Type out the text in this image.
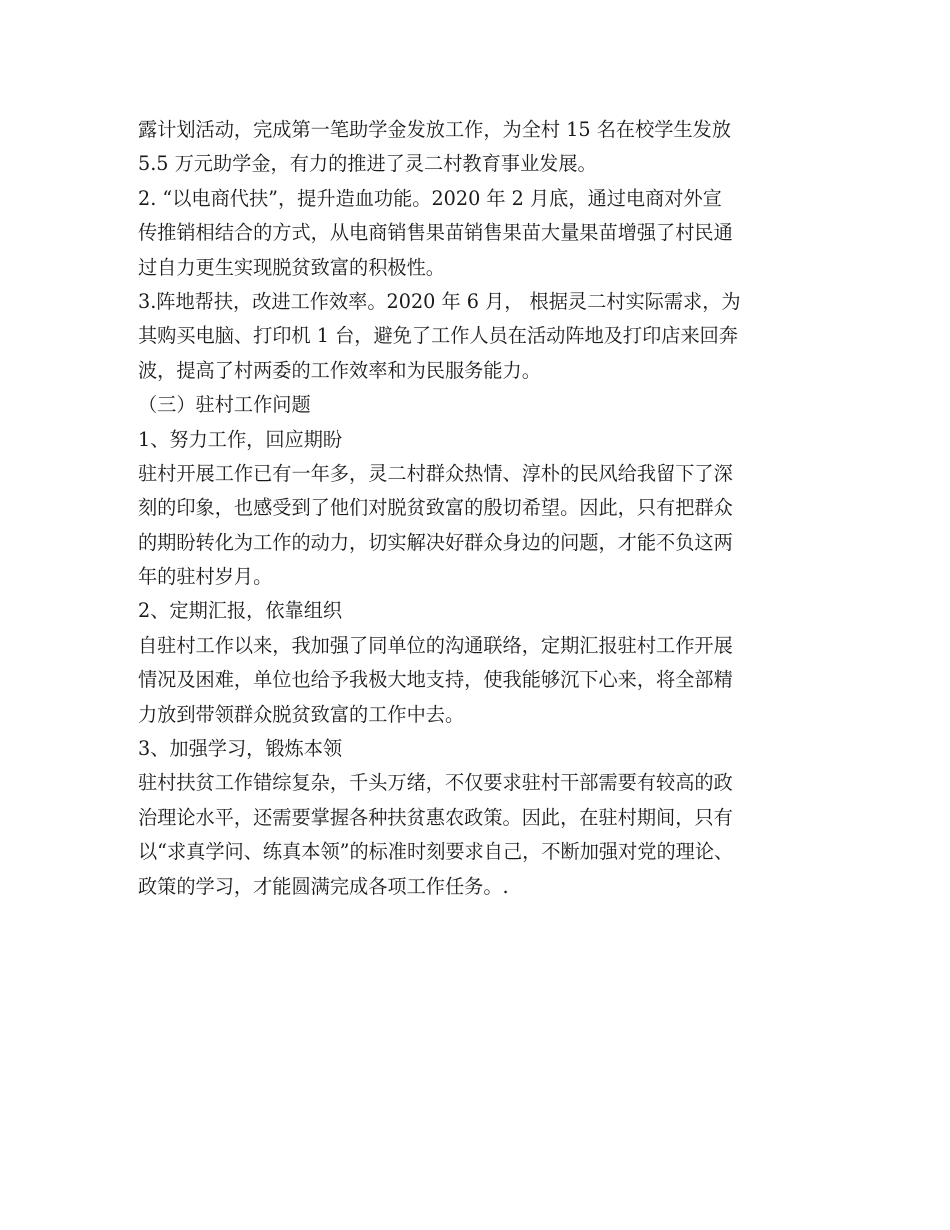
露计划活动，完成第一笔助学金发放工作，为全村 15 名在校学生发放
5.5 万元助学金，有力的推进了灵二村教育事业发展。
2. “以电商代扶”，提升造血功能。2020 年 2 月底，通过电商对外宣
传推销相结合的方式，从电商销售果苗销售果苗大量果苗增强了村民通
过自力更生实现脱贫致富的积极性。
3.阵地帮扶，改进工作效率。2020 年 6 月， 根据灵二村实际需求，为
其购买电脑、打印机 1 台，避免了工作人员在活动阵地及打印店来回奔
波，提高了村两委的工作效率和为民服务能力。
（三）驻村工作问题
1、努力工作，回应期盼
驻村开展工作已有一年多，灵二村群众热情、淳朴的民风给我留下了深
刻的印象，也感受到了他们对脱贫致富的殷切希望。因此，只有把群众
的期盼转化为工作的动力，切实解决好群众身边的问题，才能不负这两
年的驻村岁月。
2、定期汇报，依靠组织
自驻村工作以来，我加强了同单位的沟通联络，定期汇报驻村工作开展
情况及困难，单位也给予我极大地支持，使我能够沉下心来，将全部精
力放到带领群众脱贫致富的工作中去。
3、加强学习，锻炼本领
驻村扶贫工作错综复杂，千头万绪，不仅要求驻村干部需要有较高的政
治理论水平，还需要掌握各种扶贫惠农政策。因此，在驻村期间，只有
以“求真学问、练真本领”的标准时刻要求自己，不断加强对党的理论、
政策的学习，才能圆满完成各项工作任务。.
